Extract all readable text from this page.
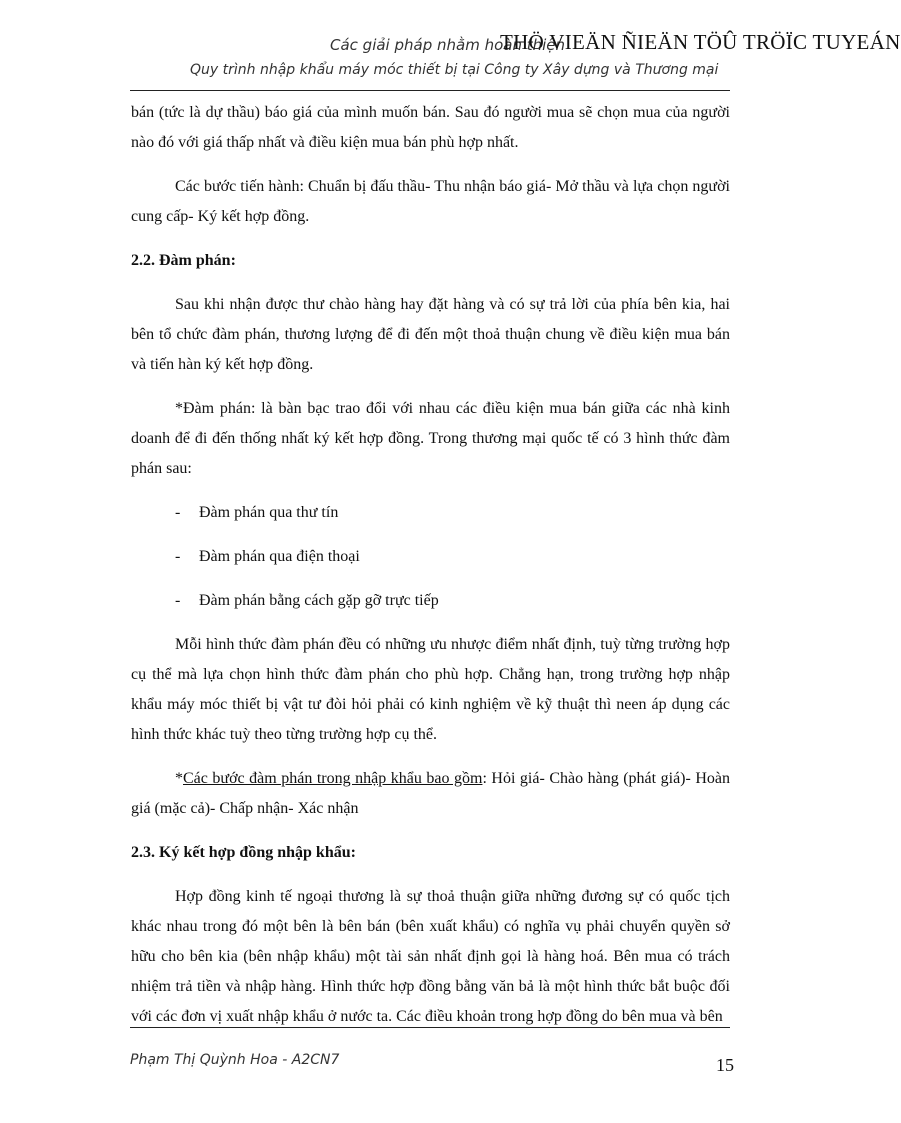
Các giải pháp nhằm hoàn thiện
THÖ VIEÄN ÑIEÄN TÖÛ TRÖÏC TUYEÁN
Quy trình nhập khẩu máy móc thiết bị tại Công ty Xây dựng và Thương mại

bán (tức là dự thầu) báo giá của mình muốn bán. Sau đó người mua sẽ chọn mua của người nào đó với giá thấp nhất và điều kiện mua bán phù hợp nhất.

Các bước tiến hành: Chuẩn bị đấu thầu- Thu nhận báo giá- Mở thầu và lựa chọn người cung cấp- Ký kết hợp đồng.

2.2. Đàm phán:

Sau khi nhận được thư chào hàng hay đặt hàng và có sự trả lời của phía bên kia, hai bên tổ chức đàm phán, thương lượng để đi đến một thoả thuận chung về điều kiện mua bán và tiến hàn ký kết hợp đồng.

*Đàm phán: là bàn bạc trao đổi với nhau các điều kiện mua bán giữa các nhà kinh doanh để đi đến thống nhất ký kết hợp đồng. Trong thương mại quốc tế có 3 hình thức đàm phán sau:

- Đàm phán qua thư tín

- Đàm phán qua điện thoại

- Đàm phán bằng cách gặp gỡ trực tiếp

Mỗi hình thức đàm phán đều có những ưu nhược điểm nhất định, tuỳ từng trường hợp cụ thể mà lựa chọn hình thức đàm phán cho phù hợp. Chẳng hạn, trong trường hợp nhập khẩu máy móc thiết bị vật tư đòi hỏi phải có kinh nghiệm về kỹ thuật thì neen áp dụng các hình thức khác tuỳ theo từng trường hợp cụ thể.

*Các bước đàm phán trong nhập khẩu bao gồm: Hỏi giá- Chào hàng (phát giá)- Hoàn giá (mặc cả)- Chấp nhận- Xác nhận

2.3. Ký kết hợp đồng nhập khẩu:

Hợp đồng kinh tế ngoại thương là sự thoả thuận giữa những đương sự có quốc tịch khác nhau trong đó một bên là bên bán (bên xuất khẩu) có nghĩa vụ phải chuyển quyền sở hữu cho bên kia (bên nhập khẩu) một tài sản nhất định gọi là hàng hoá. Bên mua có trách nhiệm trả tiền và nhập hàng. Hình thức hợp đồng bằng văn bả là một hình thức bắt buộc đối với các đơn vị xuất nhập khẩu ở nước ta. Các điều khoản trong hợp đồng do bên mua và bên

Phạm Thị Quỳnh Hoa - A2CN7	15
